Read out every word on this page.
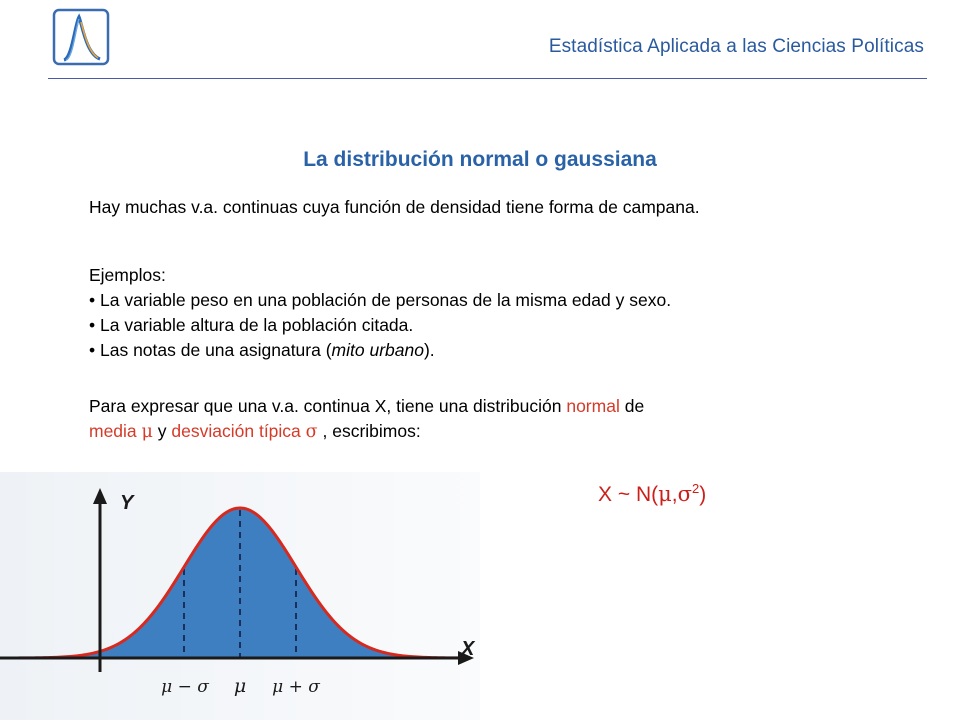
Estadística Aplicada a las Ciencias Políticas
La distribución normal o gaussiana
Hay muchas v.a. continuas cuya función de densidad tiene forma de campana.
Ejemplos:
• La variable peso en una población de personas de la misma edad y sexo.
• La variable altura de la población citada.
• Las notas de una asignatura (mito urbano).
Para expresar que una v.a. continua X, tiene una distribución normal de
media μ y desviación típica σ , escribimos:
X ~ $N(\mu,\sigma^2)$
Y
X
μ − σ μ μ + σ
